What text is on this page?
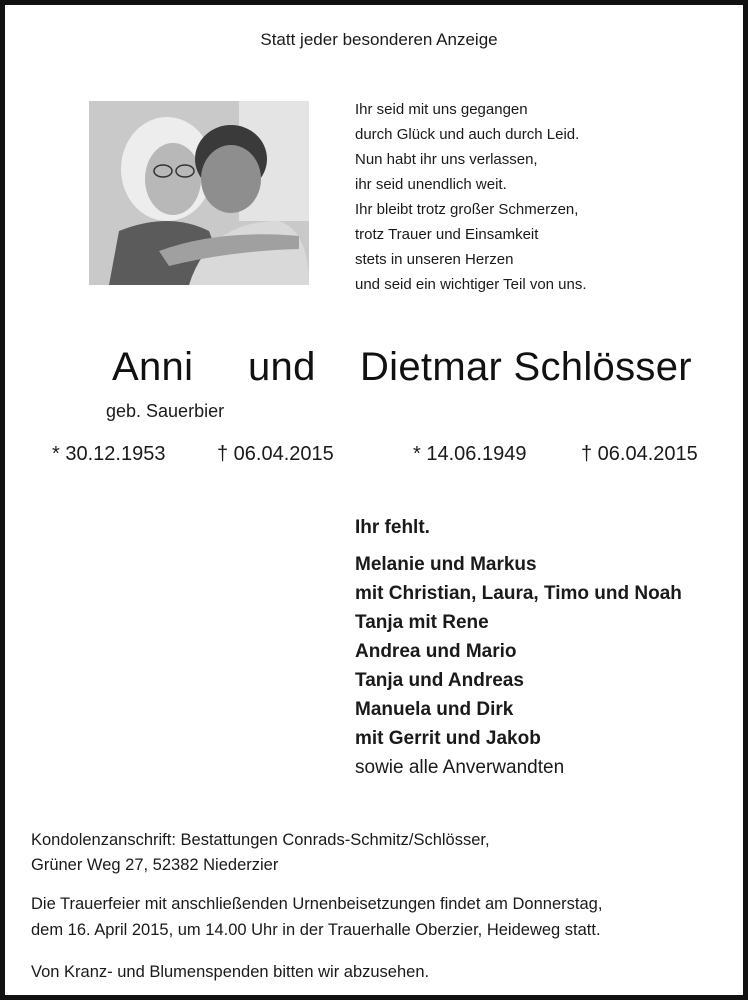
Statt jeder besonderen Anzeige
Ihr seid mit uns gegangen
durch Glück und auch durch Leid.
Nun habt ihr uns verlassen,
ihr seid unendlich weit.
Ihr bleibt trotz großer Schmerzen,
trotz Trauer und Einsamkeit
stets in unseren Herzen
und seid ein wichtiger Teil von uns.
Anni und Dietmar Schlösser
geb. Sauerbier
* 30.12.1953	† 06.04.2015	* 14.06.1949	† 06.04.2015
Ihr fehlt.
Melanie und Markus
mit Christian, Laura, Timo und Noah
Tanja mit Rene
Andrea und Mario
Tanja und Andreas
Manuela und Dirk
mit Gerrit und Jakob
sowie alle Anverwandten
Kondolenzanschrift: Bestattungen Conrads-Schmitz/Schlösser,
Grüner Weg 27, 52382 Niederzier
Die Trauerfeier mit anschließenden Urnenbeisetzungen findet am Donnerstag,
dem 16. April 2015, um 14.00 Uhr in der Trauerhalle Oberzier, Heideweg statt.
Von Kranz- und Blumenspenden bitten wir abzusehen.
